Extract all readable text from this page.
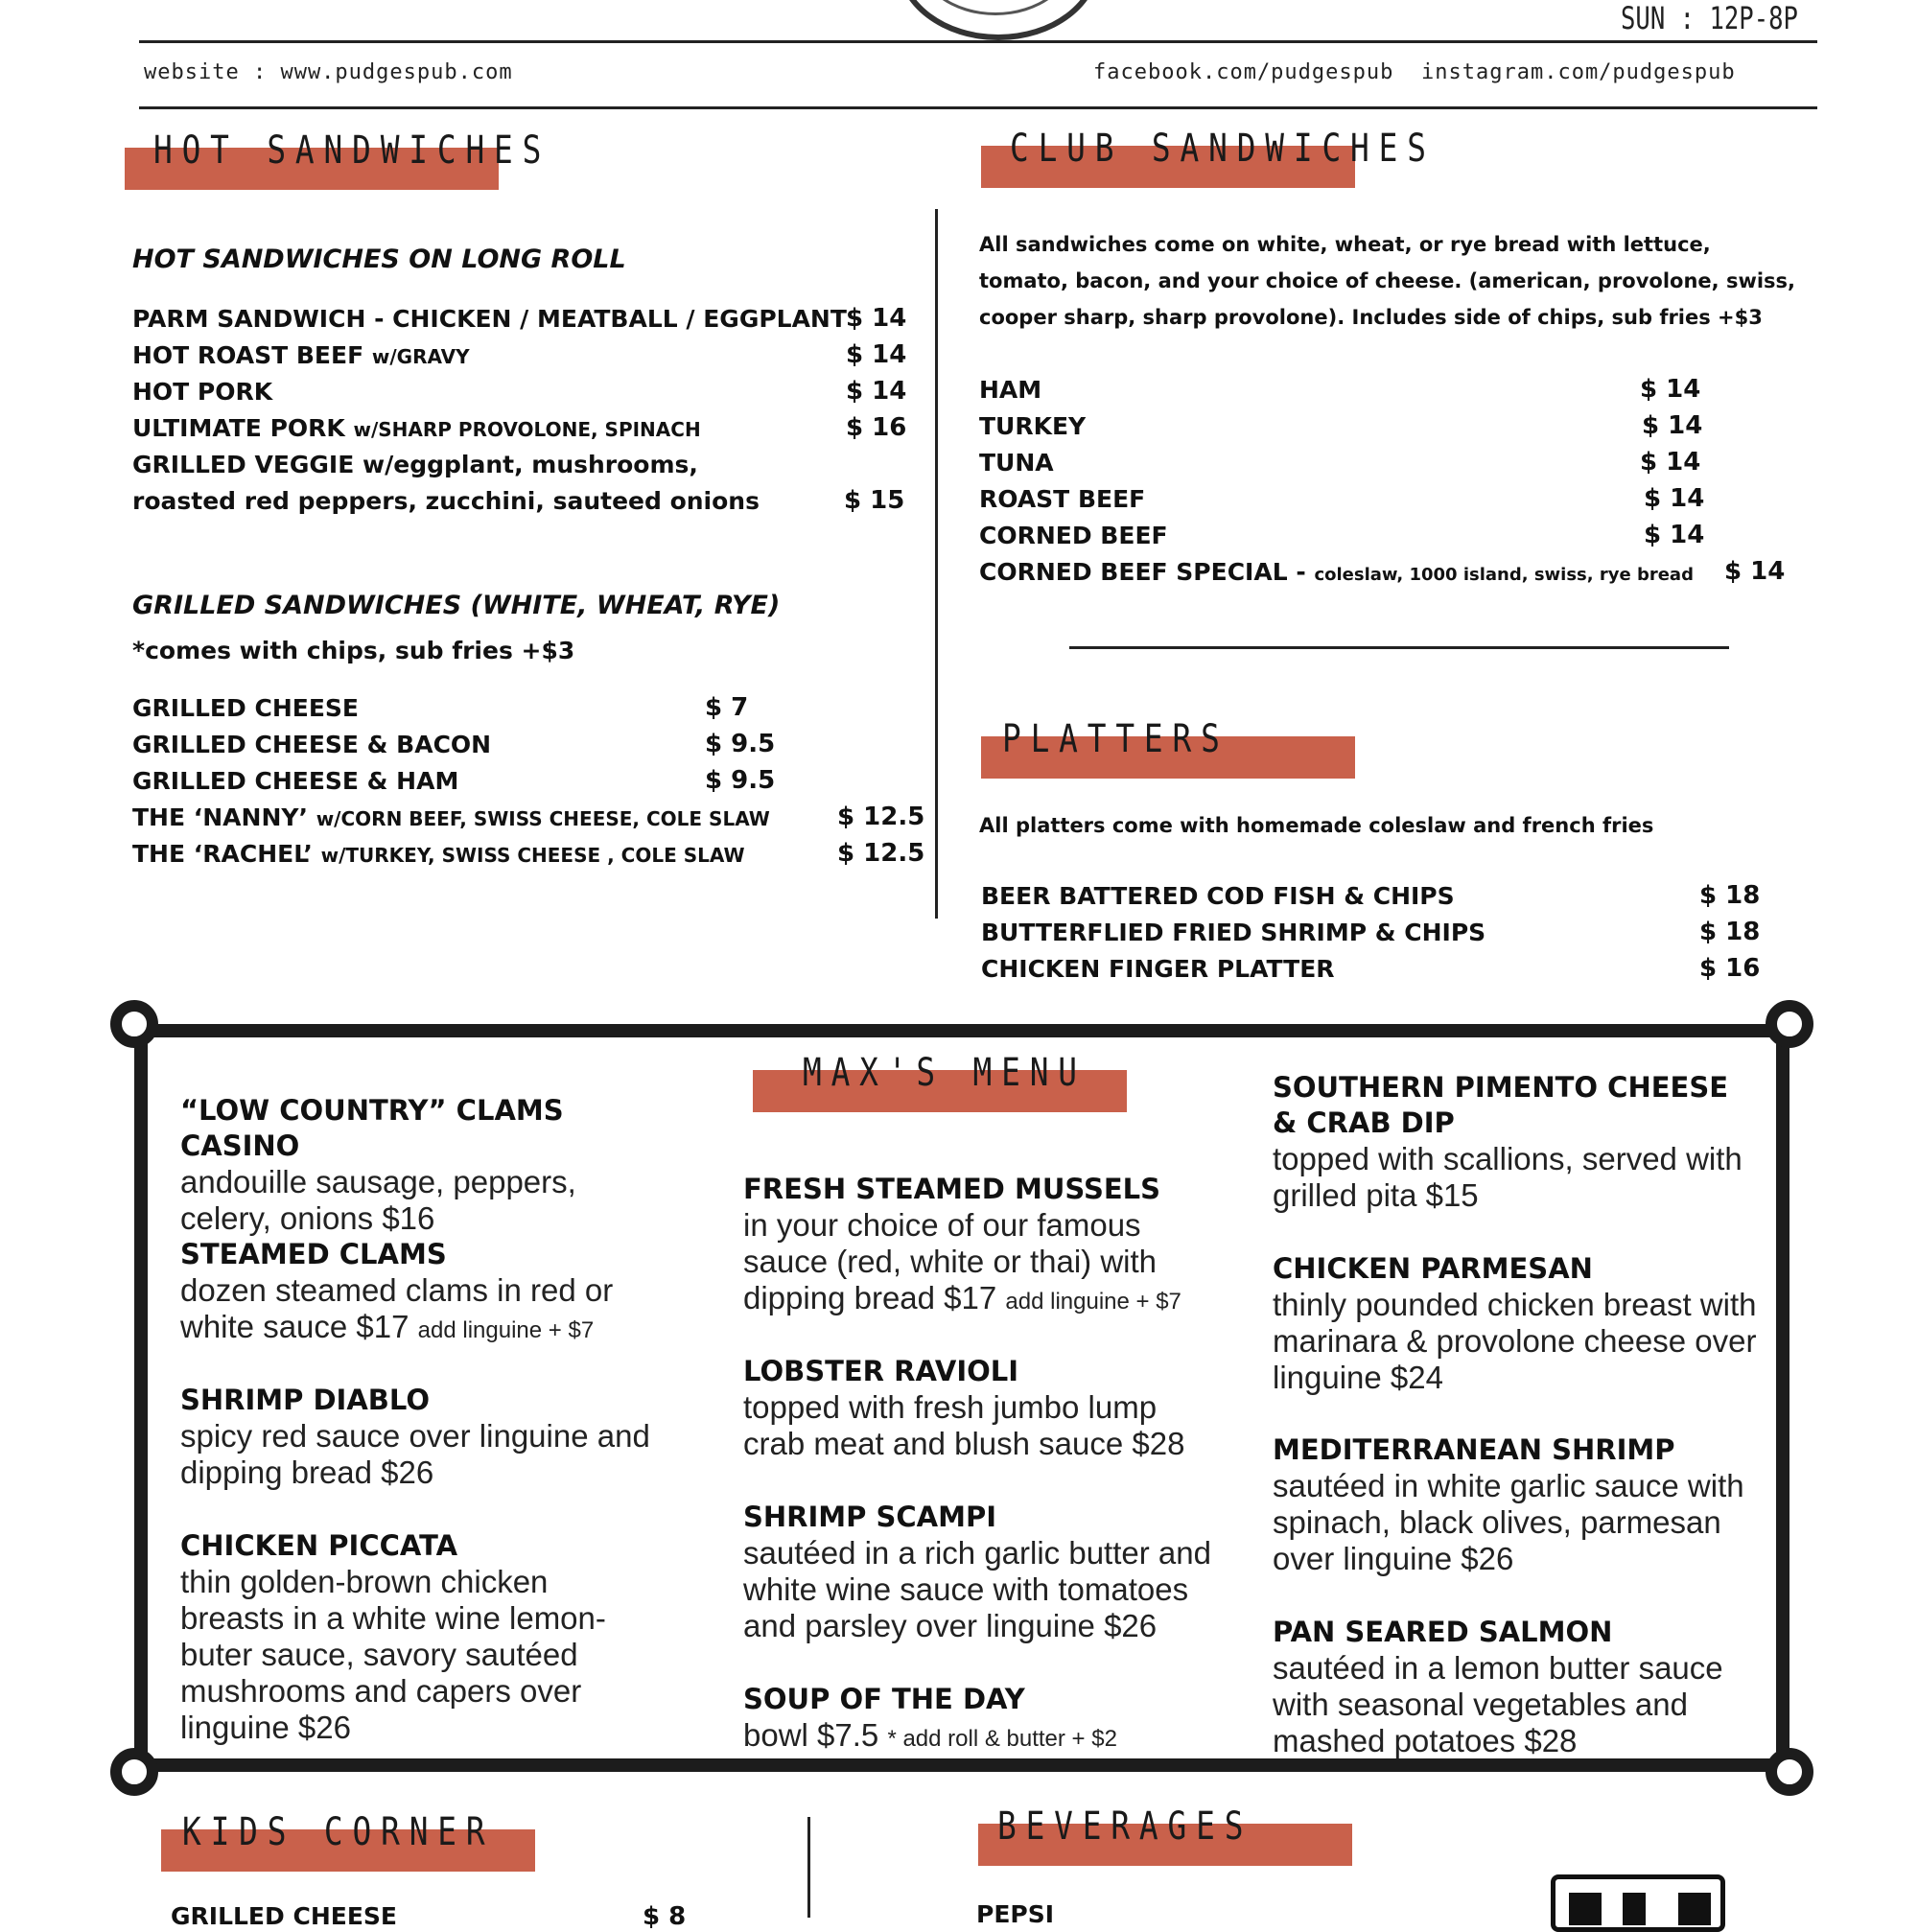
SUN : 12P-8P
website : www.pudgespub.com	facebook.com/pudgespub instagram.com/pudgespub
HOT SANDWICHES
HOT SANDWICHES ON LONG ROLL
PARM SANDWICH - CHICKEN / MEATBALL / EGGPLANT $ 14
HOT ROAST BEEF w/GRAVY	$ 14
HOT PORK	$ 14
ULTIMATE PORK w/SHARP PROVOLONE, SPINACH	$ 16
GRILLED VEGGIE w/eggplant, mushrooms,
roasted red peppers, zucchini, sauteed onions	$ 15
GRILLED SANDWICHES (WHITE, WHEAT, RYE)
*comes with chips, sub fries +$3
GRILLED CHEESE	$ 7
GRILLED CHEESE & BACON	$ 9.5
GRILLED CHEESE & HAM	$ 9.5
THE ‘NANNY’ w/CORN BEEF, SWISS CHEESE, COLE SLAW	$ 12.5
THE ‘RACHEL’ w/TURKEY, SWISS CHEESE , COLE SLAW	$ 12.5
CLUB SANDWICHES
All sandwiches come on white, wheat, or rye bread with lettuce, tomato, bacon, and your choice of cheese. (american, provolone, swiss, cooper sharp, sharp provolone). Includes side of chips, sub fries +$3
HAM	$ 14
TURKEY	$ 14
TUNA	$ 14
ROAST BEEF	$ 14
CORNED BEEF	$ 14
CORNED BEEF SPECIAL - coleslaw, 1000 island, swiss, rye bread $ 14
PLATTERS
All platters come with homemade coleslaw and french fries
BEER BATTERED COD FISH & CHIPS	$ 18
BUTTERFLIED FRIED SHRIMP & CHIPS	$ 18
CHICKEN FINGER PLATTER	$ 16
MAX'S MENU
“LOW COUNTRY” CLAMS CASINO
andouille sausage, peppers, celery, onions $16
STEAMED CLAMS
dozen steamed clams in red or white sauce $17 add linguine + $7
SHRIMP DIABLO
spicy red sauce over linguine and dipping bread $26
CHICKEN PICCATA
thin golden-brown chicken breasts in a white wine lemon-buter sauce, savory sautéed mushrooms and capers over linguine $26
FRESH STEAMED MUSSELS
in your choice of our famous sauce (red, white or thai) with dipping bread $17 add linguine + $7
LOBSTER RAVIOLI
topped with fresh jumbo lump crab meat and blush sauce $28
SHRIMP SCAMPI
sautéed in a rich garlic butter and white wine sauce with tomatoes and parsley over linguine $26
SOUP OF THE DAY
bowl $7.5 * add roll & butter + $2
SOUTHERN PIMENTO CHEESE & CRAB DIP
topped with scallions, served with grilled pita $15
CHICKEN PARMESAN
thinly pounded chicken breast with marinara & provolone cheese over linguine $24
MEDITERRANEAN SHRIMP
sautéed in white garlic sauce with spinach, black olives, parmesan over linguine $26
PAN SEARED SALMON
sautéed in a lemon butter sauce with seasonal vegetables and mashed potatoes $28
KIDS CORNER
GRILLED CHEESE	$ 8
BEVERAGES
PEPSI
